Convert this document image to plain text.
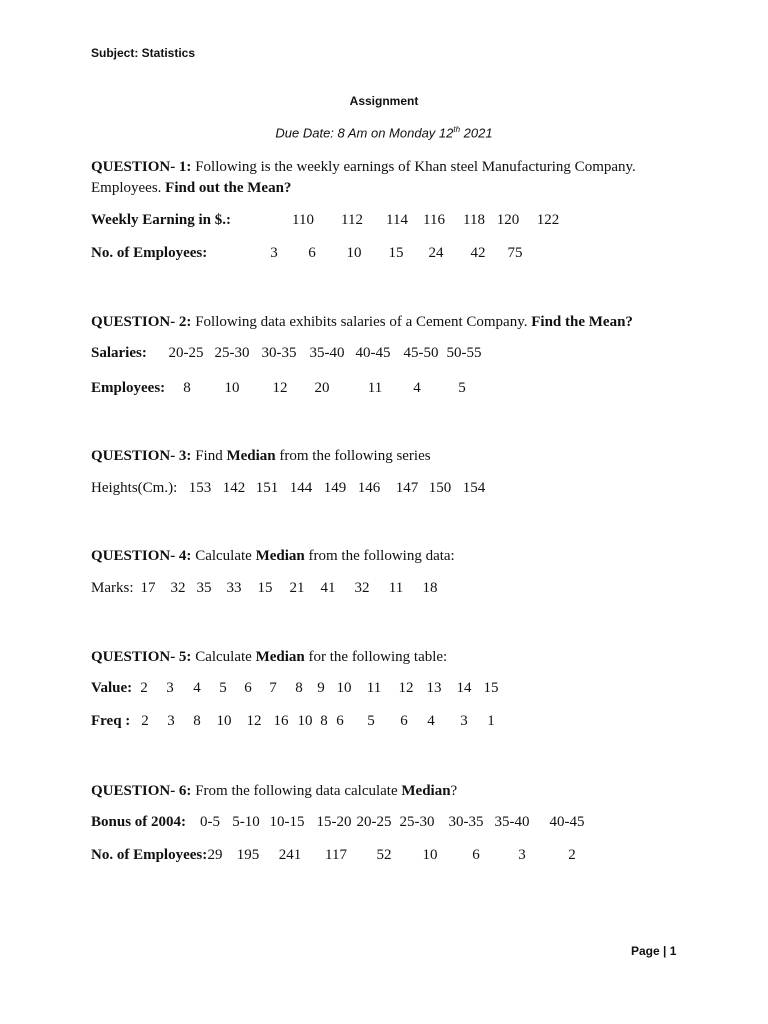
Subject: Statistics
Assignment
Due Date: 8 Am on Monday 12th 2021
QUESTION- 1: Following is the weekly earnings of Khan steel Manufacturing Company. Employees. Find out the Mean?
Weekly Earning in $.:	110 112 114 116 118 120 122
No. of Employees:	3 6 10 15 24 42 75
QUESTION- 2: Following data exhibits salaries of a Cement Company. Find the Mean?
Salaries: 20-25 25-30 30-35 35-40 40-45 45-50 50-55
Employees: 8 10 12 20	11 4	5
QUESTION- 3: Find Median from the following series
Heights(Cm.): 153 142 151 144 149 146 147 150 154
QUESTION- 4: Calculate Median from the following data:
Marks: 17 32 35 33 15 21 41 32 11 18
QUESTION- 5: Calculate Median for the following table:
Value: 2 3 4 5 6 7 8 9 10 11 12 13 14 15
Freq : 2 3 8 10 12 16 10 8 6 5 6 4 3 1
QUESTION- 6: From the following data calculate Median?
Bonus of 2004: 0-5 5-10 10-15 15-20 20-25 25-30 30-35 35-40 40-45
No. of Employees: 29 195 241 117 52 10 6	3	2
Page | 1
